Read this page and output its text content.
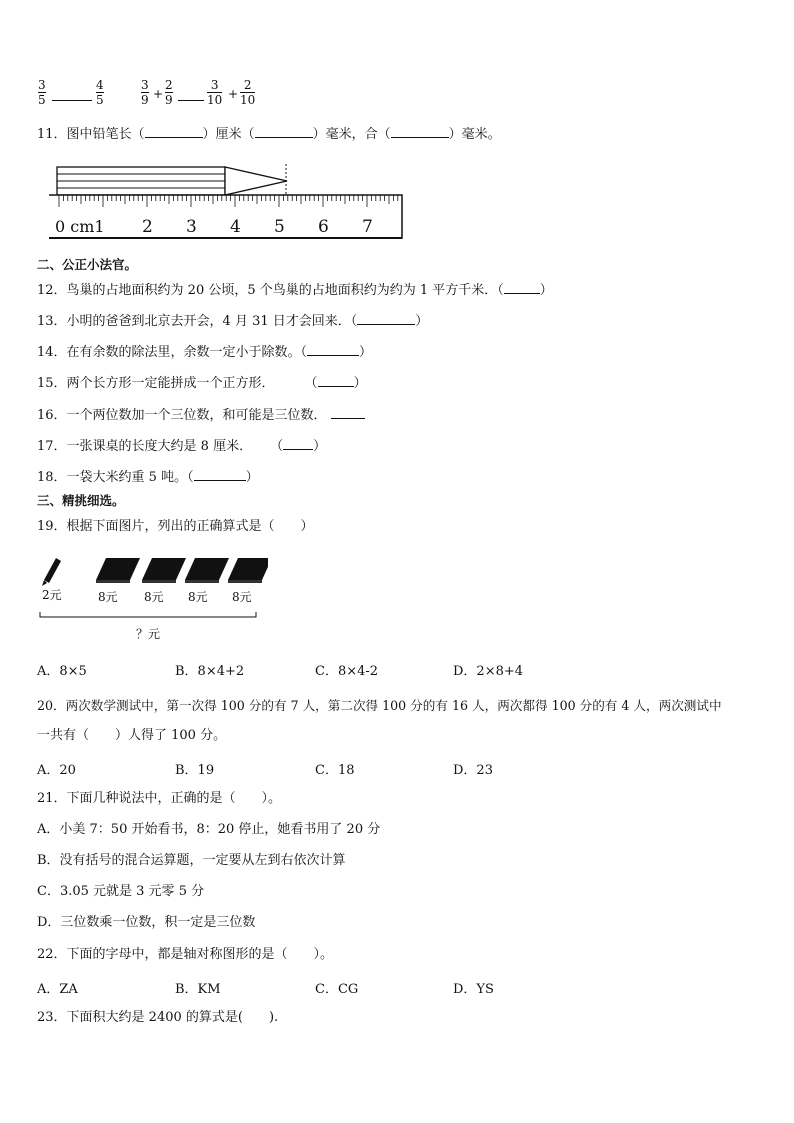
3
5
4
5
3
9 +
2
9
3
10 +
2
10
11．图中铅笔长（	）厘米（	）毫米，合（	）毫米。
0 cm1 2 3 4 5 6 7
二、公正小法官。
12．鸟巢的占地面积约为 20 公顷，5 个鸟巢的占地面积约为约为 1 平方千米．（	）
13．小明的爸爸到北京去开会，4 月 31 日才会回来．（	）
14．在有余数的除法里，余数一定小于除数。（	）
15．两个长方形一定能拼成一个正方形． （	）
16．一个两位数加一个三位数，和可能是三位数．
17．一张课桌的长度大约是 8 厘米． （ ）
18．一袋大米约重 5 吨。（	）
三、精挑细选。
19．根据下面图片，列出的正确算式是（　　）
2元	8元 8元 8元 8元
？元
A．8×5	B．8×4+2	C．8×4-2	D．2×8+4
20．两次数学测试中，第一次得 100 分的有 7 人，第二次得 100 分的有 16 人，两次都得 100 分的有 4 人，两次测试中
一共有（　　）人得了 100 分。
A．20	B．19	C．18	D．23
21．下面几种说法中，正确的是（　　）。
A．小美 7：50 开始看书，8：20 停止，她看书用了 20 分
B．没有括号的混合运算题，一定要从左到右依次计算
C．3.05 元就是 3 元零 5 分
D．三位数乘一位数，积一定是三位数
22．下面的字母中，都是轴对称图形的是（　　）。
A．ZA	B．KM	C．CG	D．YS
23．下面积大约是 2400 的算式是(　　).
